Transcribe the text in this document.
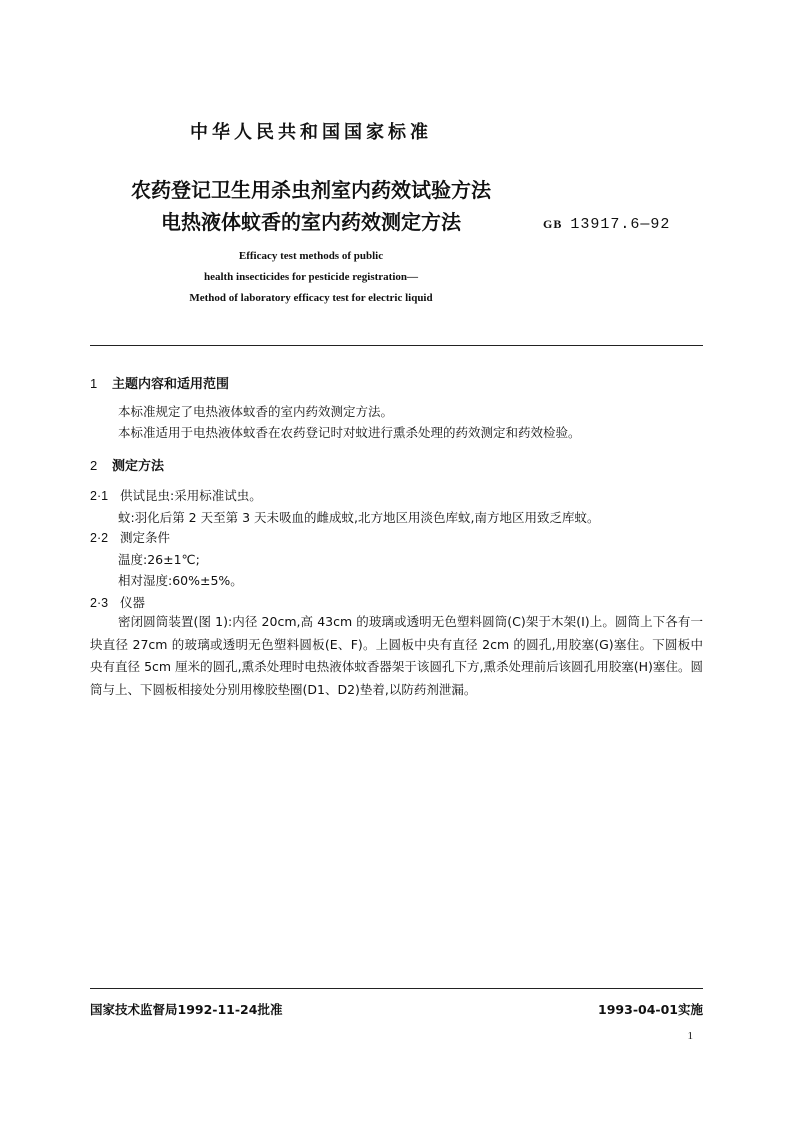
中华人民共和国国家标准
农药登记卫生用杀虫剂室内药效试验方法
电热液体蚊香的室内药效测定方法	GB 13917.6—92
Efficacy test methods of public
health insecticides for pesticide registration—
Method of laboratory efficacy test for electric liquid
1 主题内容和适用范围
本标准规定了电热液体蚊香的室内药效测定方法。
本标准适用于电热液体蚊香在农药登记时对蚊进行熏杀处理的药效测定和药效检验。
2 测定方法
2·1 供试昆虫:采用标准试虫。
蚊:羽化后第 2 天至第 3 天未吸血的雌成蚊,北方地区用淡色库蚊,南方地区用致乏库蚊。
2·2 测定条件
温度:26±1℃;
相对湿度:60%±5%。
2·3 仪器
密闭圆筒装置(图 1):内径 20cm,高 43cm 的玻璃或透明无色塑料圆筒(C)架于木架(I)上。圆筒上下各有一块直径 27cm 的玻璃或透明无色塑料圆板(E、F)。上圆板中央有直径 2cm 的圆孔,用胶塞(G)塞住。下圆板中央有直径 5cm 厘米的圆孔,熏杀处理时电热液体蚊香器架于该圆孔下方,熏杀处理前后该圆孔用胶塞(H)塞住。圆筒与上、下圆板相接处分别用橡胶垫圈(D1、D2)垫着,以防药剂泄漏。
国家技术监督局1992-11-24批准	1993-04-01实施
1
